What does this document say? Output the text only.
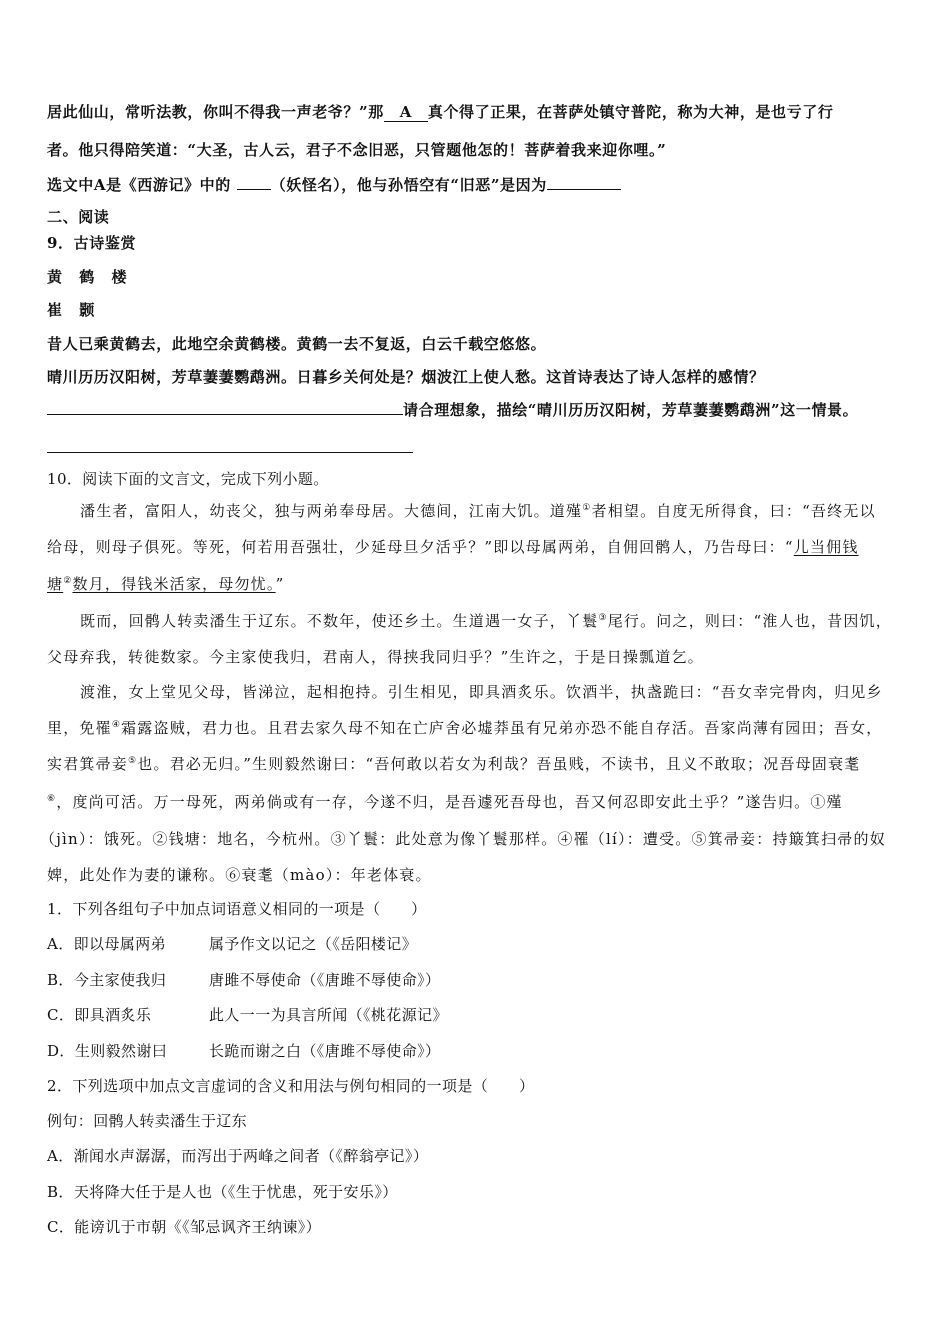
居此仙山，常听法教，你叫不得我一声老爷？”那 A 真个得了正果，在菩萨处镇守普陀，称为大神，是也亏了行
者。他只得陪笑道：“大圣，古人云，君子不念旧恶，只管题他怎的！菩萨着我来迎你哩。”
选文中A是《西游记》中的	（妖怪名），他与孙悟空有“旧恶”是因为
二、阅读
9．古诗鉴赏
黄 鹤 楼
崔 颢
昔人已乘黄鹤去，此地空余黄鹤楼。黄鹤一去不复返，白云千载空悠悠。
晴川历历汉阳树，芳草萋萋鹦鹉洲。日暮乡关何处是？烟波江上使人愁。这首诗表达了诗人怎样的感情？
请合理想象，描绘“晴川历历汉阳树，芳草萋萋鹦鹉洲”这一情景。
10．阅读下面的文言文，完成下列小题。
潘生者，富阳人，幼丧父，独与两弟奉母居。大德间，江南大饥。道殣①者相望。自度无所得食，曰：“吾终无以
给母，则母子俱死。等死，何若用吾强壮，少延母旦夕活乎？”即以母属两弟，自佣回鹘人，乃告母曰：“儿当佣钱
塘②数月，得钱米活家，母勿忧。”
既而，回鹘人转卖潘生于辽东。不数年，使还乡土。生道遇一女子，丫鬟③尾行。问之，则曰：“淮人也，昔因饥，
父母弃我，转徙数家。今主家使我归，君南人，得挟我同归乎？”生许之，于是日操瓢道乞。
渡淮，女上堂见父母，皆涕泣，起相抱持。引生相见，即具酒炙乐。饮酒半，执盏跪曰：“吾女幸完骨肉，归见乡
里，免罹④霜露盗贼，君力也。且君去家久母不知在亡庐舍必墟莽虽有兄弟亦恐不能自存活。吾家尚薄有园田；吾女，
实君箕帚妾⑤也。君必无归。”生则毅然谢曰：“吾何敢以若女为利哉？吾虽贱，不读书，且义不敢取；况吾母固衰耄
⑥，度尚可活。万一母死，两弟倘或有一存，今遂不归，是吾遽死吾母也，吾又何忍即安此土乎？”遂告归。①殣
（jìn）：饿死。②钱塘：地名，今杭州。③丫鬟：此处意为像丫鬟那样。④罹（lí）：遭受。⑤箕帚妾：持簸箕扫帚的奴
婢，此处作为妻的谦称。⑥衰耄（mào）：年老体衰。
1．下列各组句子中加点词语意义相同的一项是（　　）
A．即以母属两弟	属予作文以记之（《岳阳楼记》
B．今主家使我归	唐雎不辱使命（《唐雎不辱使命》）
C．即具酒炙乐	此人一一为具言所闻（《桃花源记》
D．生则毅然谢曰	长跪而谢之白（《唐雎不辱使命》）
2．下列选项中加点文言虚词的含义和用法与例句相同的一项是（　　）
例句：回鹘人转卖潘生于辽东
A．渐闻水声潺潺，而泻出于两峰之间者（《醉翁亭记》）
B．天将降大任于是人也（《生于忧患，死于安乐》）
C．能谤讥于市朝《《邹忌讽齐王纳谏》）
